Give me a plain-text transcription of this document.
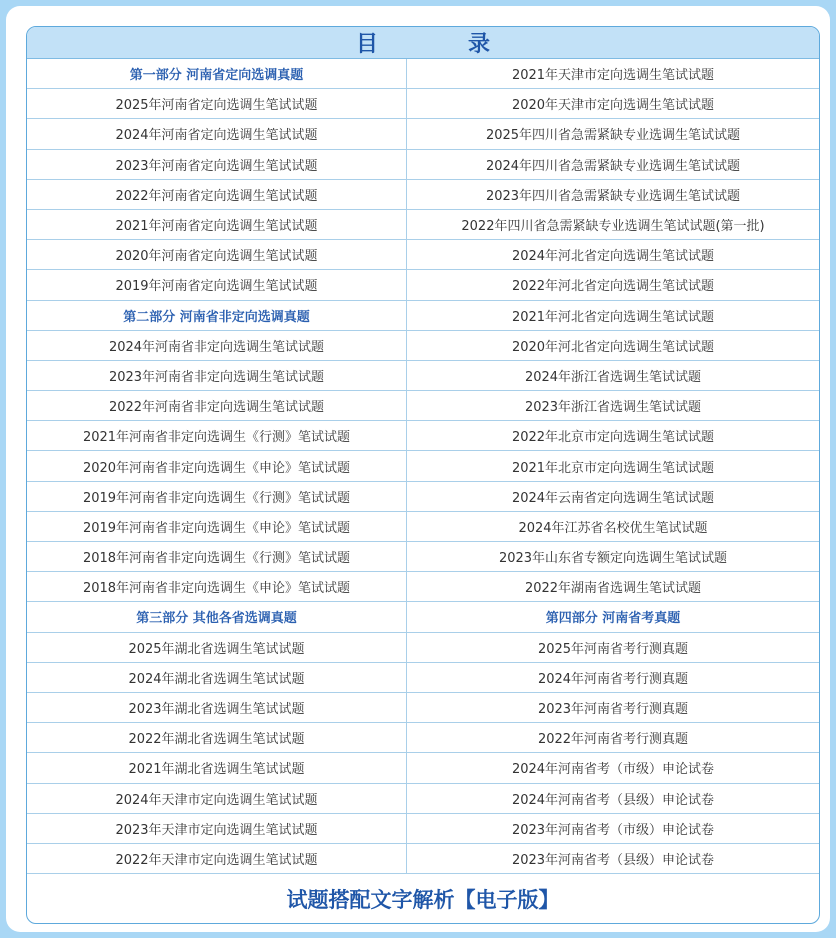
目	录
第一部分 河南省定向选调真题	2021年天津市定向选调生笔试试题
2025年河南省定向选调生笔试试题	2020年天津市定向选调生笔试试题
2024年河南省定向选调生笔试试题	2025年四川省急需紧缺专业选调生笔试试题
2023年河南省定向选调生笔试试题	2024年四川省急需紧缺专业选调生笔试试题
2022年河南省定向选调生笔试试题	2023年四川省急需紧缺专业选调生笔试试题
2021年河南省定向选调生笔试试题	2022年四川省急需紧缺专业选调生笔试试题(第一批)
2020年河南省定向选调生笔试试题	2024年河北省定向选调生笔试试题
2019年河南省定向选调生笔试试题	2022年河北省定向选调生笔试试题
第二部分 河南省非定向选调真题	2021年河北省定向选调生笔试试题
2024年河南省非定向选调生笔试试题	2020年河北省定向选调生笔试试题
2023年河南省非定向选调生笔试试题	2024年浙江省选调生笔试试题
2022年河南省非定向选调生笔试试题	2023年浙江省选调生笔试试题
2021年河南省非定向选调生《行测》笔试试题	2022年北京市定向选调生笔试试题
2020年河南省非定向选调生《申论》笔试试题	2021年北京市定向选调生笔试试题
2019年河南省非定向选调生《行测》笔试试题	2024年云南省定向选调生笔试试题
2019年河南省非定向选调生《申论》笔试试题	2024年江苏省名校优生笔试试题
2018年河南省非定向选调生《行测》笔试试题	2023年山东省专额定向选调生笔试试题
2018年河南省非定向选调生《申论》笔试试题	2022年湖南省选调生笔试试题
第三部分 其他各省选调真题	第四部分 河南省考真题
2025年湖北省选调生笔试试题	2025年河南省考行测真题
2024年湖北省选调生笔试试题	2024年河南省考行测真题
2023年湖北省选调生笔试试题	2023年河南省考行测真题
2022年湖北省选调生笔试试题	2022年河南省考行测真题
2021年湖北省选调生笔试试题	2024年河南省考（市级）申论试卷
2024年天津市定向选调生笔试试题	2024年河南省考（县级）申论试卷
2023年天津市定向选调生笔试试题	2023年河南省考（市级）申论试卷
2022年天津市定向选调生笔试试题	2023年河南省考（县级）申论试卷
试题搭配文字解析【电子版】
